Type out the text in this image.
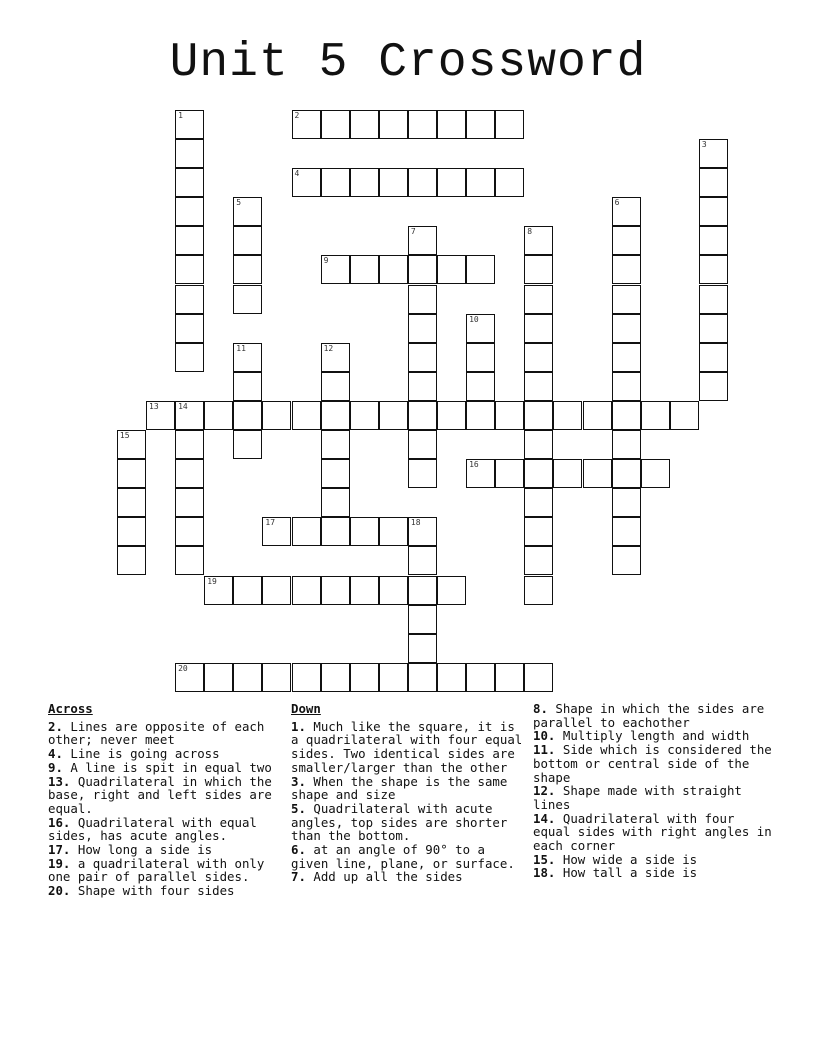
Unit 5 Crossword
1	2
3
4
5	6
7	8
9
10
11	12
13 14
15
16
17	18
19
20
Across
2. Lines are opposite of each other; never meet
4. Line is going across
9. A line is spit in equal two
13. Quadrilateral in which the base, right and left sides are equal.
16. Quadrilateral with equal sides, has acute angles.
17. How long a side is
19. a quadrilateral with only one pair of parallel sides.
20. Shape with four sides
Down
1. Much like the square, it is a quadrilateral with four equal sides. Two identical sides are smaller/larger than the other
3. When the shape is the same shape and size
5. Quadrilateral with acute angles, top sides are shorter than the bottom.
6. at an angle of 90° to a given line, plane, or surface.
7. Add up all the sides
8. Shape in which the sides are parallel to eachother
10. Multiply length and width
11. Side which is considered the bottom or central side of the shape
12. Shape made with straight lines
14. Quadrilateral with four equal sides with right angles in each corner
15. How wide a side is
18. How tall a side is
